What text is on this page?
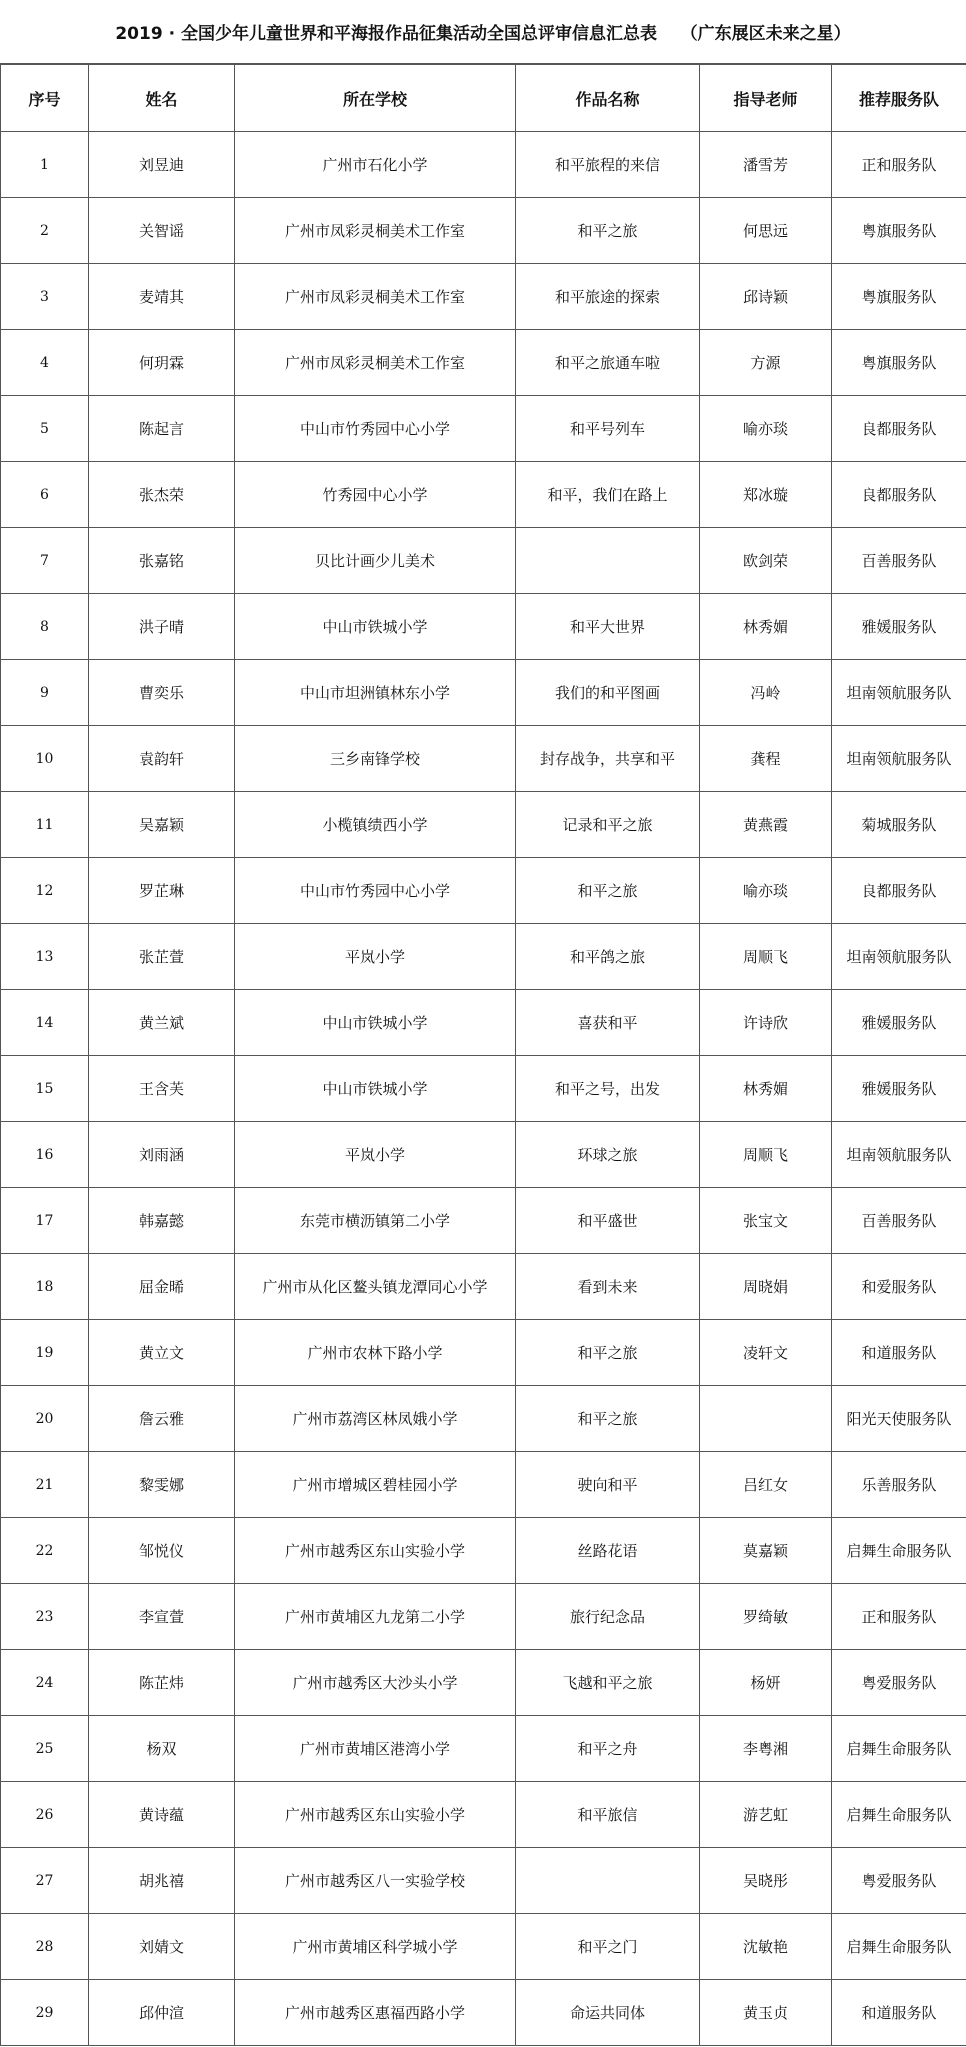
2019 · 全国少年儿童世界和平海报作品征集活动全国总评审信息汇总表    （广东展区未来之星）
序号	姓名	所在学校	作品名称	指导老师	推荐服务队
1	刘昱迪	广州市石化小学	和平旅程的来信	潘雪芳	正和服务队
2	关智谣	广州市凤彩灵桐美术工作室	和平之旅	何思远	粤旗服务队
3	麦靖其	广州市凤彩灵桐美术工作室	和平旅途的探索	邱诗颖	粤旗服务队
4	何玥霖	广州市凤彩灵桐美术工作室	和平之旅通车啦	方源	粤旗服务队
5	陈起言	中山市竹秀园中心小学	和平号列车	喻亦琰	良都服务队
6	张杰荣	竹秀园中心小学	和平，我们在路上	郑冰璇	良都服务队
7	张嘉铭	贝比计画少儿美术		欧剑荣	百善服务队
8	洪子晴	中山市铁城小学	和平大世界	林秀媚	雅媛服务队
9	曹奕乐	中山市坦洲镇林东小学	我们的和平图画	冯岭	坦南领航服务队
10	袁韵轩	三乡南锋学校	封存战争，共享和平	龚程	坦南领航服务队
11	吴嘉颖	小榄镇绩西小学	记录和平之旅	黄燕霞	菊城服务队
12	罗芷琳	中山市竹秀园中心小学	和平之旅	喻亦琰	良都服务队
13	张芷萱	平岚小学	和平鸽之旅	周顺飞	坦南领航服务队
14	黄兰斌	中山市铁城小学	喜获和平	许诗欣	雅媛服务队
15	王含芙	中山市铁城小学	和平之号，出发	林秀媚	雅媛服务队
16	刘雨涵	平岚小学	环球之旅	周顺飞	坦南领航服务队
17	韩嘉懿	东莞市横沥镇第二小学	和平盛世	张宝文	百善服务队
18	屈金晞	广州市从化区鳌头镇龙潭同心小学	看到未来	周晓娟	和爱服务队
19	黄立文	广州市农林下路小学	和平之旅	凌轩文	和道服务队
20	詹云雅	广州市荔湾区林凤娥小学	和平之旅		阳光天使服务队
21	黎雯娜	广州市增城区碧桂园小学	驶向和平	吕红女	乐善服务队
22	邹悦仪	广州市越秀区东山实验小学	丝路花语	莫嘉颖	启舞生命服务队
23	李宣萱	广州市黄埔区九龙第二小学	旅行纪念品	罗绮敏	正和服务队
24	陈芷炜	广州市越秀区大沙头小学	飞越和平之旅	杨妍	粤爱服务队
25	杨双	广州市黄埔区港湾小学	和平之舟	李粤湘	启舞生命服务队
26	黄诗蕴	广州市越秀区东山实验小学	和平旅信	游艺虹	启舞生命服务队
27	胡兆禧	广州市越秀区八一实验学校		吴晓彤	粤爱服务队
28	刘婧文	广州市黄埔区科学城小学	和平之门	沈敏艳	启舞生命服务队
29	邱仲渲	广州市越秀区惠福西路小学	命运共同体	黄玉贞	和道服务队
